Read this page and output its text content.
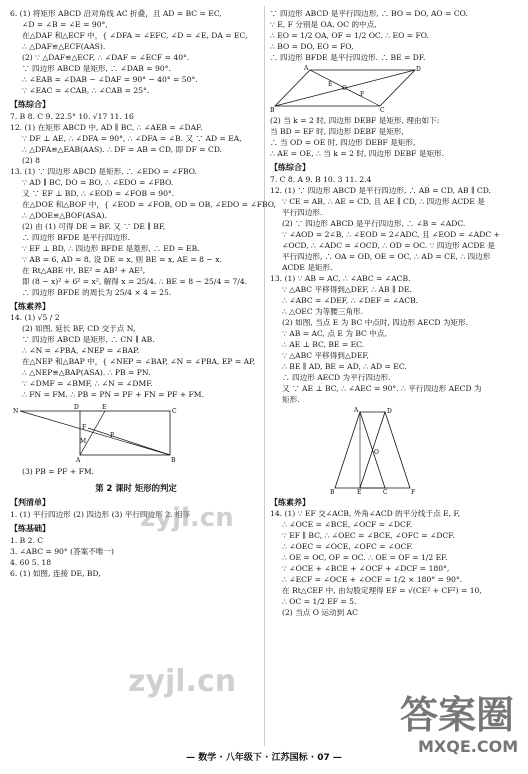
6. (1) 将矩形 ABCD 沿对角线 AC 折叠，且 AD = BC = EC,
∠D = ∠B = ∠E = 90°,
在△DAF 和△ECF 中，{ ∠DFA = ∠EFC, ∠D = ∠E, DA = EC,
∴ △DAF≌△ECF(AAS).
(2) ∵ △DAF≌△ECF, ∴ ∠DAF = ∠ECF = 40°.
∵ 四边形 ABCD 是矩形, ∴ ∠DAB = 90°.
∴ ∠EAB = ∠DAB − ∠DAF = 90° − 40° = 50°.
∵ ∠EAC = ∠CAB, ∴ ∠CAB = 25°.
【练综合】
7. B 8. C 9. 22.5° 10. √17 11. 16
12. (1) 在矩形 ABCD 中, AD ∥ BC, ∴ ∠AEB = ∠DAF.
∵ DF ⊥ AE, ∴ ∠DFA = 90°, ∴ ∠DFA = ∠B. 又 ∵ AD = EA,
∴ △DFA≌△EAB(AAS). ∴ DF = AB = CD, 即 DF = CD.
(2) 8
13. (1) ∵ 四边形 ABCD 是矩形, ∴ ∠EDO = ∠FBO.
∵ AD ∥ BC, DO = BO, ∴ ∠EDO = ∠FBO.
又 ∵ EF ⊥ BD, ∴ ∠EOD = ∠FOB = 90°.
在△DOE 和△BOF 中，{ ∠EOD = ∠FOB, OD = OB, ∠EDO = ∠FBO,
∴ △DOE≌△BOF(ASA).
(2) 由 (1) 可得 DE = BF. 又 ∵ DE ∥ BF,
∴ 四边形 BFDE 是平行四边形.
∵ EF ⊥ BD, ∴ 四边形 BFDE 是菱形, ∴ ED = EB.
∵ AB = 6, AD = 8, 设 DE = x, 则 BE = x, AE = 8 − x.
在 Rt△ABE 中, BE² = AB² + AE²,
即 (8 − x)² + 6² = x², 解得 x = 25/4. ∴ BE = 8 − 25/4 = 7/4.
∴ 四边形 BFDE 的周长为 25/4 × 4 = 25.
【练素养】
14. (1) √5 / 2
(2) 如图, 延长 BF, CD 交于点 N,
∵ 四边形 ABCD 是矩形, ∴ CN ∥ AB.
∴ ∠N = ∠PBA, ∠NEP = ∠BAP.
在△NEP 和△BAP 中，{ ∠NEP = ∠BAP, ∠N = ∠PBA, EP = AP,
∴ △NEP≌△BAP(ASA). ∴ PB = PN.
∵ ∠DMF = ∠BMF, ∴ ∠N = ∠DMF.
∴ FN = FM. ∴ PB = PN = PF + FN = PF + FM.
N
D	E
F
M
P
C
A	B
(3) PB = PF + FM.
第 2 课时 矩形的判定
【判清单】
1. (1) 平行四边形 (2) 四边形 (3) 平行四边形 2. 相等
【练基础】
1. B 2. C
3. ∠ABC = 90° (答案不唯一)
4. 60 5. 18
6. (1) 如图, 连接 DE, BD,
∵ 四边形 ABCD 是平行四边形, ∴ BO = DO, AO = CO.
∵ E, F 分别是 OA, OC 的中点,
∴ EO = 1/2 OA, OF = 1/2 OC. ∴ EO = FO.
∴ BO = DO, EO = FO,
∴ 四边形 BFDE 是平行四边形. ∴ BE = DF.
A	D
E
O
F
B	C
(2) 当 k = 2 时, 四边形 DEBF 是矩形, 理由如下:
当 BD = EF 时, 四边形 DEBF 是矩形,
∴ 当 OD = OE 时, 四边形 DEBF 是矩形,
∴ AE = OE, ∴ 当 k = 2 时, 四边形 DEBF 是矩形.
【练综合】
7. C 8. A 9. B 10. 3 11. 2.4
12. (1) ∵ 四边形 ABCD 是平行四边形, ∴ AB = CD, AB ∥ CD.
∵ CE = AB, ∴ AE = CD, 且 AE ∥ CD, ∴ 四边形 ACDE 是
平行四边形.
(2) ∵ 四边形 ABCD 是平行四边形, ∴ ∠B = ∠ADC.
∵ ∠AOD = 2∠B, ∴ ∠EOD = 2∠ADC, 且 ∠EOD = ∠ADC +
∠OCD, ∴ ∠ADC = ∠OCD, ∴ OD = OC. ∵ 四边形 ACDE 是
平行四边形, ∴ OA = OD, OE = OC, ∴ AD = CE, ∴ 四边形
ACDE 是矩形.
13. (1) ∵ AB = AC, ∴ ∠ABC = ∠ACB.
∵ △ABC 平移得到△DEF, ∴ AB ∥ DE.
∴ ∠ABC = ∠DEF, ∴ ∠DEF = ∠ACB.
∴ △OEC 为等腰三角形.
(2) 如图, 当点 E 为 BC 中点时, 四边形 AECD 为矩形.
∵ AB = AC, 点 E 为 BC 中点,
∴ AE ⊥ BC, BE = EC.
∵ △ABC 平移得到△DEF,
∴ BE ∥ AD, BE = AD, ∴ AD = EC.
∴ 四边形 AECD 为平行四边形.
又 ∵ AE ⊥ BC, ∴ ∠AEC = 90°. ∴ 平行四边形 AECD 为
矩形.
A	D
O
B	E	C	F
【练素养】
14. (1) ∵ EF 交∠ACB, 外角∠ACD 的平分线于点 E, F,
∴ ∠OCE = ∠BCE, ∠OCF = ∠DCF.
∵ EF ∥ BC, ∴ ∠OEC = ∠BCE, ∠OFC = ∠DCF.
∴ ∠OEC = ∠OCE, ∠OFC = ∠OCF.
∴ OE = OC, OF = OC. ∴ OE = OF = 1/2 EF.
∵ ∠OCE + ∠BCE + ∠OCF + ∠DCF = 180°,
∴ ∠ECF = ∠OCE + ∠OCF = 1/2 × 180° = 90°.
在 Rt△CEF 中, 由勾股定理得 EF = √(CE² + CF²) = 10,
∴ OC = 1/2 EF = 5.
(2) 当点 O 运动到 AC
zyjl.cn
zyjl.cn
答案圈
MXQE.COM
— 数学 · 八年级下 · 江苏国标 · 07 —
